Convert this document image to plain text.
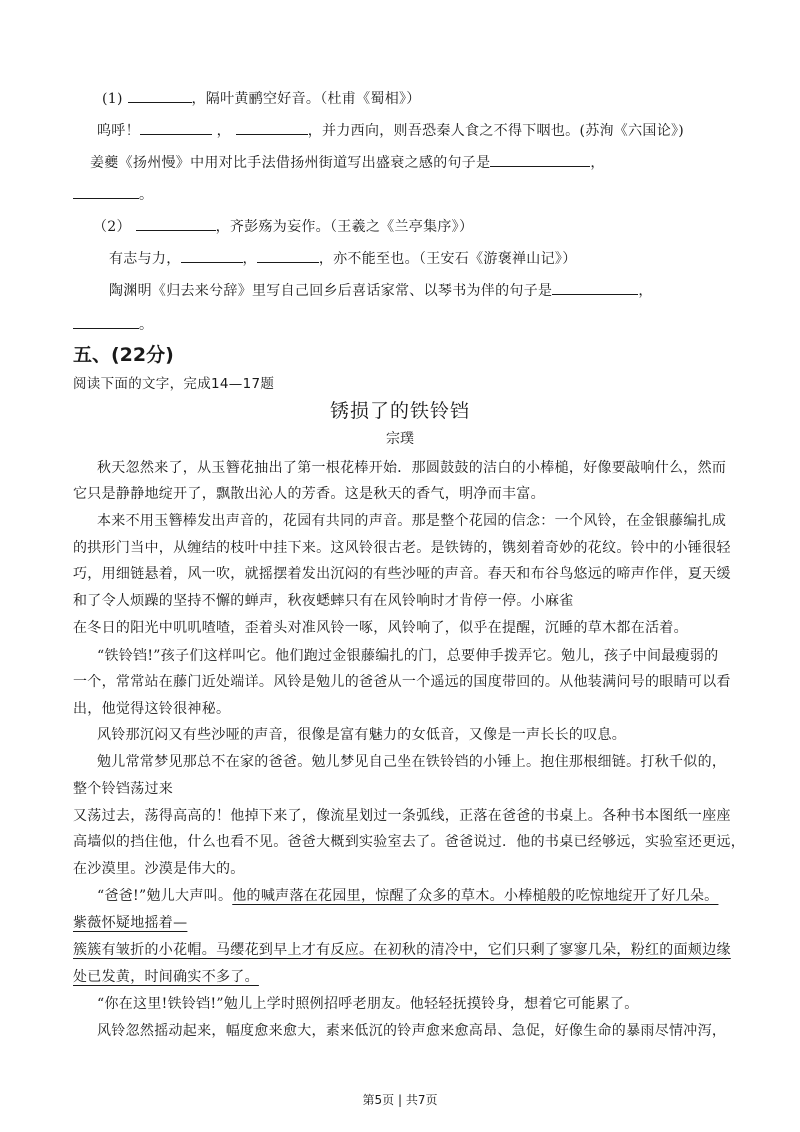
(1)	，隔叶黄鹂空好音。（杜甫《蜀相》）
呜呼！	，	，并力西向，则吾恐秦人食之不得下咽也。(苏洵《六国论》)
姜夔《扬州慢》中用对比手法借扬州街道写出盛衰之感的句子是	，
。
（2）	，齐彭殇为妄作。（王羲之《兰亭集序》）
有志与力，	，	，亦不能至也。（王安石《游褒禅山记》）
陶渊明《归去来兮辞》里写自己回乡后喜话家常、以琴书为伴的句子是	，
。
五、(22分)
阅读下面的文字，完成14—17题
锈损了的铁铃铛
宗璞
秋天忽然来了，从玉簪花抽出了第一根花棒开始．那圆鼓鼓的洁白的小棒槌，好像要敲响什么，然而
它只是静静地绽开了，飘散出沁人的芳香。这是秋天的香气，明净而丰富。
本来不用玉簪棒发出声音的，花园有共同的声音。那是整个花园的信念：一个风铃，在金银藤编扎成
的拱形门当中，从缠结的枝叶中挂下来。这风铃很古老。是铁铸的，镌刻着奇妙的花纹。铃中的小锤很轻
巧，用细链悬着，风一吹，就摇摆着发出沉闷的有些沙哑的声音。春天和布谷鸟悠远的啼声作伴，夏天缓
和了令人烦躁的坚持不懈的蝉声，秋夜蟋蟀只有在风铃响时才肯停一停。小麻雀
在冬日的阳光中叽叽喳喳，歪着头对准风铃一啄，风铃响了，似乎在提醒，沉睡的草木都在活着。
“铁铃铛!”孩子们这样叫它。他们跑过金银藤编扎的门，总要伸手拨弄它。勉儿，孩子中间最瘦弱的
一个，常常站在藤门近处端详。风铃是勉儿的爸爸从一个遥远的国度带回的。从他装满问号的眼睛可以看
出，他觉得这铃很神秘。
风铃那沉闷又有些沙哑的声音，很像是富有魅力的女低音，又像是一声长长的叹息。
勉儿常常梦见那总不在家的爸爸。勉儿梦见自己坐在铁铃铛的小锤上。抱住那根细链。打秋千似的，
整个铃铛荡过来
又荡过去，荡得高高的！他掉下来了，像流星划过一条弧线，正落在爸爸的书桌上。各种书本图纸一座座
高墙似的挡住他，什么也看不见。爸爸大概到实验室去了。爸爸说过．他的书桌已经够远，实验室还更远，
在沙漠里。沙漠是伟大的。
“爸爸!”勉儿大声叫。他的喊声落在花园里，惊醒了众多的草木。小棒槌般的吃惊地绽开了好几朵。
紫薇怀疑地摇着—
簇簇有皱折的小花帽。马缨花到早上才有反应。在初秋的清冷中，它们只剩了寥寥几朵，粉红的面颊边缘
处已发黄，时间确实不多了。
“你在这里!铁铃铛!”勉儿上学时照例招呼老朋友。他轻轻抚摸铃身，想着它可能累了。
风铃忽然摇动起来，幅度愈来愈大，素来低沉的铃声愈来愈高昂、急促，好像生命的暴雨尽情冲泻，
第5页 | 共7页
